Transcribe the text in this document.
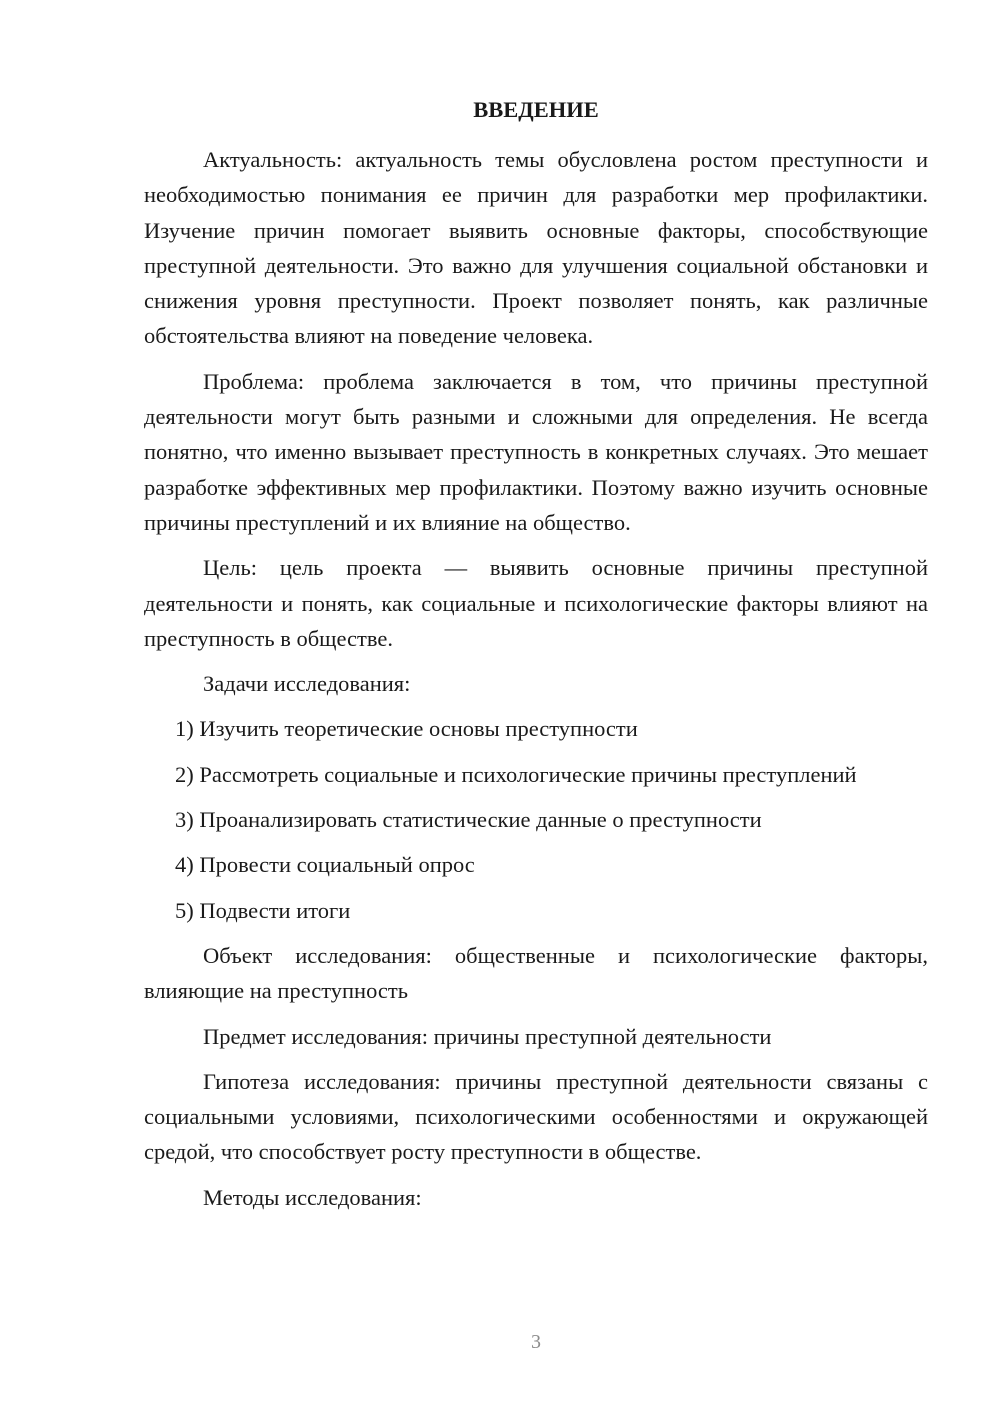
ВВЕДЕНИЕ
Актуальность: актуальность темы обусловлена ростом преступности и необходимостью понимания ее причин для разработки мер профилактики. Изучение причин помогает выявить основные факторы, способствующие преступной деятельности. Это важно для улучшения социальной обстановки и снижения уровня преступности. Проект позволяет понять, как различные обстоятельства влияют на поведение человека.
Проблема: проблема заключается в том, что причины преступной деятельности могут быть разными и сложными для определения. Не всегда понятно, что именно вызывает преступность в конкретных случаях. Это мешает разработке эффективных мер профилактики. Поэтому важно изучить основные причины преступлений и их влияние на общество.
Цель: цель проекта — выявить основные причины преступной деятельности и понять, как социальные и психологические факторы влияют на преступность в обществе.
Задачи исследования:
1) Изучить теоретические основы преступности
2) Рассмотреть социальные и психологические причины преступлений
3) Проанализировать статистические данные о преступности
4) Провести социальный опрос
5) Подвести итоги
Объект исследования: общественные и психологические факторы, влияющие на преступность
Предмет исследования: причины преступной деятельности
Гипотеза исследования: причины преступной деятельности связаны с социальными условиями, психологическими особенностями и окружающей средой, что способствует росту преступности в обществе.
Методы исследования:
3
